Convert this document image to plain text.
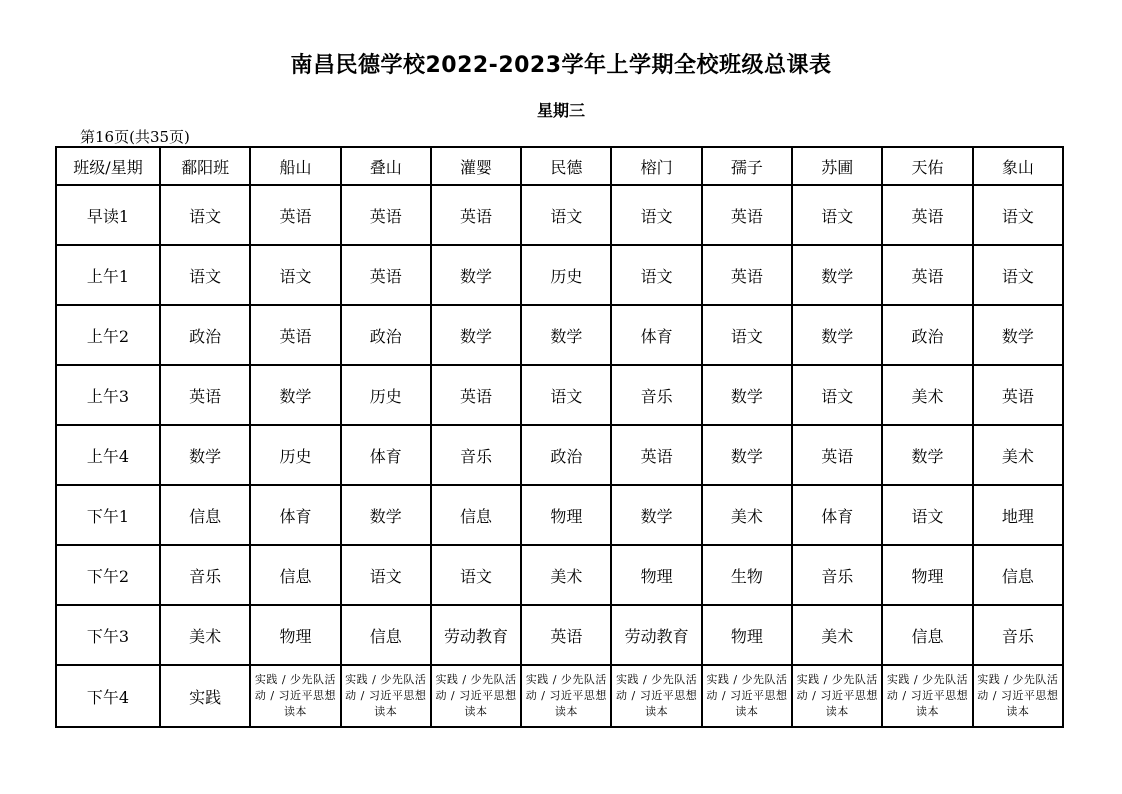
南昌民德学校2022-2023学年上学期全校班级总课表
星期三
第16页(共35页)
班级/星期	鄱阳班	船山	叠山	灌婴	民德	榕门	孺子	苏圃	天佑	象山
早读1	语文	英语	英语	英语	语文	语文	英语	语文	英语	语文
上午1	语文	语文	英语	数学	历史	语文	英语	数学	英语	语文
上午2	政治	英语	政治	数学	数学	体育	语文	数学	政治	数学
上午3	英语	数学	历史	英语	语文	音乐	数学	语文	美术	英语
上午4	数学	历史	体育	音乐	政治	英语	数学	英语	数学	美术
下午1	信息	体育	数学	信息	物理	数学	美术	体育	语文	地理
下午2	音乐	信息	语文	语文	美术	物理	生物	音乐	物理	信息
下午3	美术	物理	信息	劳动教育	英语	劳动教育	物理	美术	信息	音乐
下午4	实践	实践 / 少先队活动 / 习近平思想读本	实践 / 少先队活动 / 习近平思想读本	实践 / 少先队活动 / 习近平思想读本	实践 / 少先队活动 / 习近平思想读本	实践 / 少先队活动 / 习近平思想读本	实践 / 少先队活动 / 习近平思想读本	实践 / 少先队活动 / 习近平思想读本	实践 / 少先队活动 / 习近平思想读本	实践 / 少先队活动 / 习近平思想读本
